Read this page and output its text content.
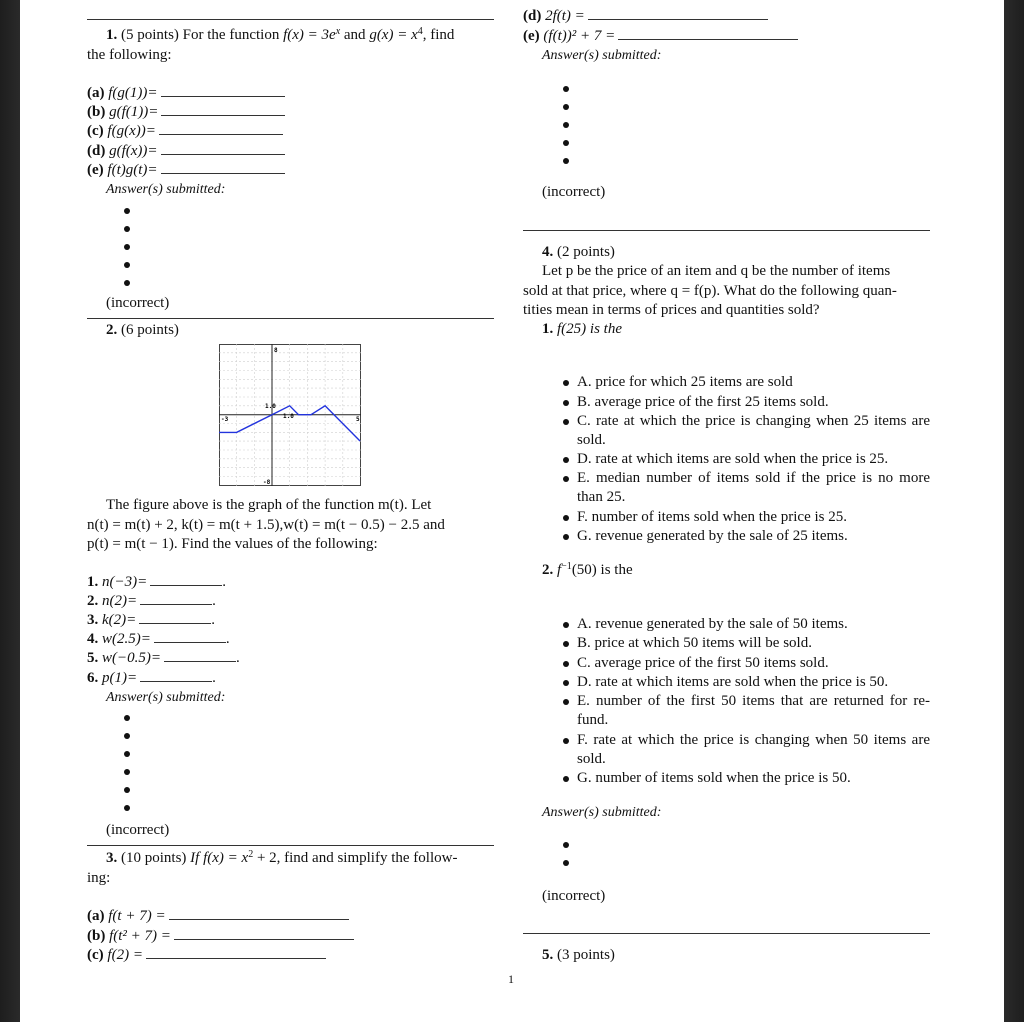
1. (5 points) For the function $f(x) = 3e^x$ and $g(x) = x^4$, find
the following:
(a) f(g(1))=
(b) g(f(1))=
(c) f(g(x))=
(d) g(f(x))=
(e) f(t)g(t)=
Answer(s) submitted:
(incorrect)
2. (6 points)
8
-8
-3	5
1.0
1.0
The figure above is the graph of the function m(t). Let
n(t) = m(t) + 2, k(t) = m(t + 1.5),w(t) = m(t − 0.5) − 2.5 and
p(t) = m(t − 1). Find the values of the following:
1. n(−3)=	.
2. n(2)=	.
3. k(2)=	.
4. w(2.5)=	.
5. w(−0.5)=	.
6. p(1)=	.
Answer(s) submitted:
(incorrect)
3. (10 points) If $f(x) = x^2 + 2$, find and simplify the follow-
ing:
(a) f(t + 7) =
(b) f(t² + 7) =
(c) f(2) =
(d) 2f(t) =
(e) (f(t))² + 7 =
Answer(s) submitted:
(incorrect)
4. (2 points)
Let p be the price of an item and q be the number of items
sold at that price, where q = f(p). What do the following quan-
tities mean in terms of prices and quantities sold?
1. f(25) is the
A. price for which 25 items are sold
B. average price of the first 25 items sold.
C. rate at which the price is changing when 25 items are sold.
D. rate at which items are sold when the price is 25.
E. median number of items sold if the price is no more than 25.
F. number of items sold when the price is 25.
G. revenue generated by the sale of 25 items.
2. $f^{-1}(50)$ is the
A. revenue generated by the sale of 50 items.
B. price at which 50 items will be sold.
C. average price of the first 50 items sold.
D. rate at which items are sold when the price is 50.
E. number of the first 50 items that are returned for re-fund.
F. rate at which the price is changing when 50 items are sold.
G. number of items sold when the price is 50.
Answer(s) submitted:
(incorrect)
5. (3 points)
1
